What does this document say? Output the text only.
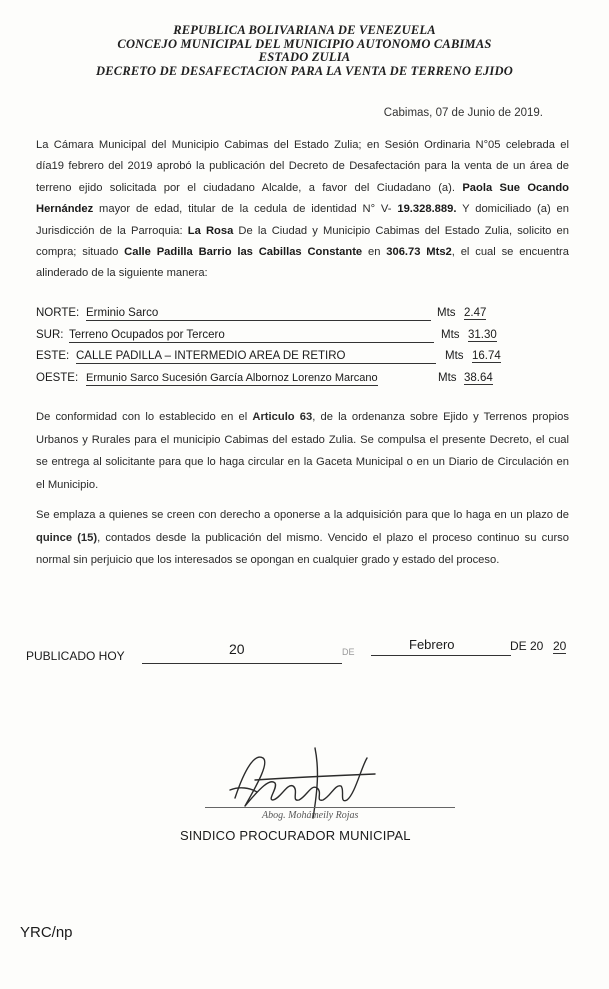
REPUBLICA BOLIVARIANA DE VENEZUELA
CONCEJO MUNICIPAL DEL MUNICIPIO AUTONOMO CABIMAS
ESTADO ZULIA
DECRETO DE DESAFECTACION PARA LA VENTA DE TERRENO EJIDO
Cabimas, 07 de Junio de 2019.
La Cámara Municipal del Municipio Cabimas del Estado Zulia; en Sesión Ordinaria N°05 celebrada el día19 febrero del 2019 aprobó la publicación del Decreto de Desafectación para la venta de un área de terreno ejido solicitada por el ciudadano Alcalde, a favor del Ciudadano (a). Paola Sue Ocando Hernández mayor de edad, titular de la cedula de identidad N° V- 19.328.889. Y domiciliado (a) en Jurisdicción de la Parroquia: La Rosa De la Ciudad y Municipio Cabimas del Estado Zulia, solicito en compra; situado Calle Padilla Barrio las Cabillas Constante en 306.73 Mts2, el cual se encuentra alinderado de la siguiente manera:
NORTE: Erminio Sarco	Mts 2.47
SUR: Terreno Ocupados por Tercero	Mts 31.30
ESTE: CALLE PADILLA – INTERMEDIO AREA DE RETIRO	Mts 16.74
OESTE: Ermunio Sarco Sucesión García Albornoz Lorenzo Marcano	Mts 38.64
De conformidad con lo establecido en el Articulo 63, de la ordenanza sobre Ejido y Terrenos propios Urbanos y Rurales para el municipio Cabimas del estado Zulia. Se compulsa el presente Decreto, el cual se entrega al solicitante para que lo haga circular en la Gaceta Municipal o en un Diario de Circulación en el Municipio.
Se emplaza a quienes se creen con derecho a oponerse a la adquisición para que lo haga en un plazo de quince (15), contados desde la publicación del mismo. Vencido el plazo el proceso continuo su curso normal sin perjuicio que los interesados se opongan en cualquier grado y estado del proceso.
PUBLICADO HOY	20	DE	Febrero	DE 20 20
Abog. Mohámeily Rojas
SINDICO PROCURADOR MUNICIPAL
YRC/np
